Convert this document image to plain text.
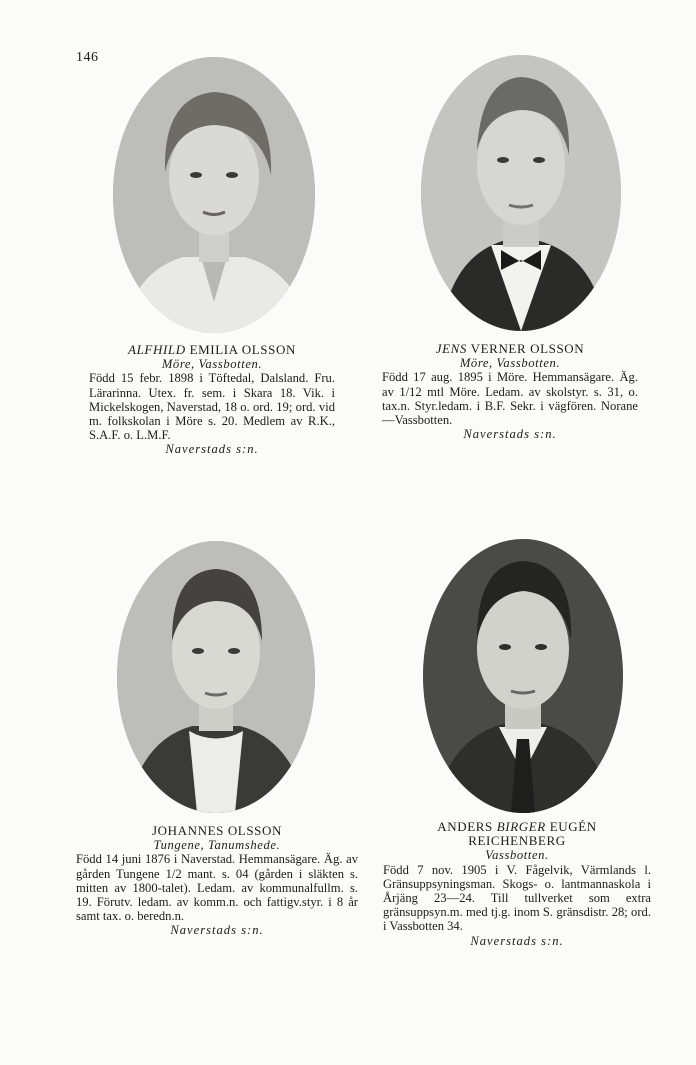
146
ALFHILD EMILIA OLSSON
Möre, Vassbotten.
Född 15 febr. 1898 i Töftedal, Dalsland. Fru. Lärarinna. Utex. fr. sem. i Skara 18. Vik. i Mickelskogen, Naverstad, 18 o. ord. 19; ord. vid m. folkskolan i Möre s. 20. Medlem av R.K., S.A.F. o. L.M.F.
Naverstads s:n.
JENS VERNER OLSSON
Möre, Vassbotten.
Född 17 aug. 1895 i Möre. Hemmansägare. Äg. av 1/12 mtl Möre. Ledam. av skolstyr. s. 31, o. tax.n. Styr.ledam. i B.F. Sekr. i vägfören. Norane—Vassbotten.
Naverstads s:n.
JOHANNES OLSSON
Tungene, Tanumshede.
Född 14 juni 1876 i Naverstad. Hemmansägare. Äg. av gården Tungene 1/2 mant. s. 04 (gården i släkten s. mitten av 1800-talet). Ledam. av kommunalfullm. s. 19. Förutv. ledam. av komm.n. och fattigv.styr. i 8 år samt tax. o. beredn.n.
Naverstads s:n.
ANDERS BIRGER EUGÉN
REICHENBERG
Vassbotten.
Född 7 nov. 1905 i V. Fågelvik, Värmlands l. Gränsuppsyningsman. Skogs- o. lantmannaskola i Årjäng 23—24. Till tullverket som extra gränsuppsyn.m. med tj.g. inom S. gränsdistr. 28; ord. i Vassbotten 34.
Naverstads s:n.
